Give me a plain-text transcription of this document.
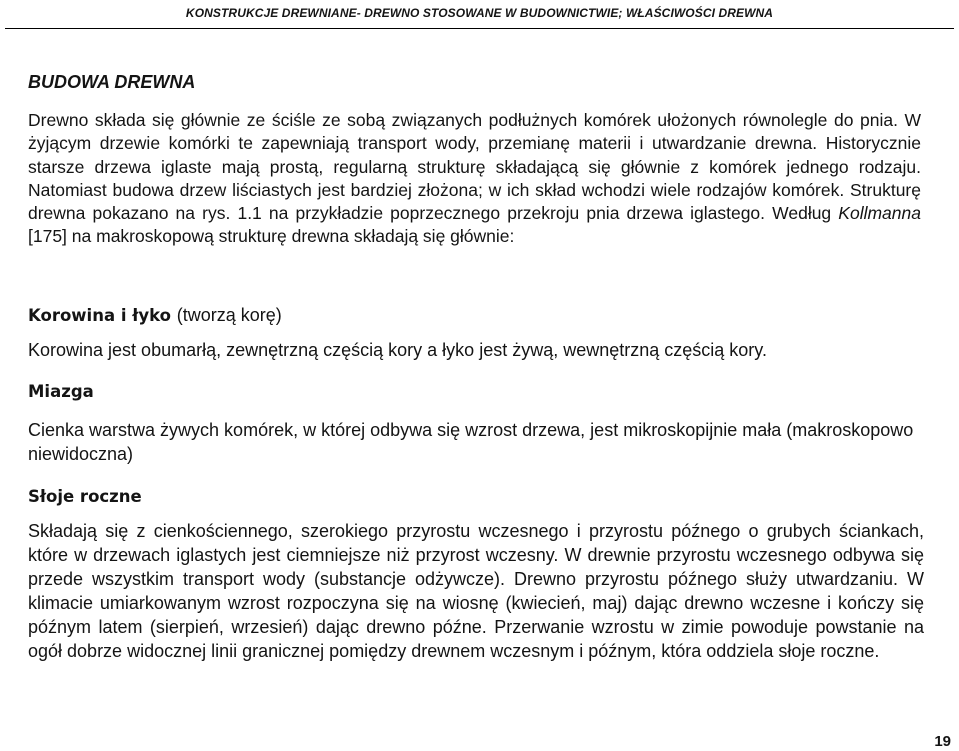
KONSTRUKCJE DREWNIANE- DREWNO STOSOWANE W BUDOWNICTWIE; WŁAŚCIWOŚCI DREWNA
BUDOWA DREWNA

Drewno składa się głównie ze ściśle ze sobą związanych podłużnych komórek ułożonych równolegle do pnia. W żyjącym drzewie komórki te zapewniają transport wody, przemianę materii i utwardzanie drewna. Historycznie starsze drzewa iglaste mają prostą, regularną strukturę składającą się głównie z komórek jednego rodzaju. Natomiast budowa drzew liściastych jest bardziej złożona; w ich skład wchodzi wiele rodzajów komórek. Strukturę drewna pokazano na rys. 1.1 na przykładzie poprzecznego przekroju pnia drzewa iglastego. Według Kollmanna [175] na makroskopową strukturę drewna składają się głównie:

Korowina i łyko (tworzą korę)

Korowina jest obumarłą, zewnętrzną częścią kory a łyko jest żywą, wewnętrzną częścią kory.

Miazga

Cienka warstwa żywych komórek, w której odbywa się wzrost drzewa, jest mikroskopijnie mała (makroskopowo niewidoczna)

Słoje roczne

Składają się z cienkościennego, szerokiego przyrostu wczesnego i przyrostu późnego o grubych ściankach, które w drzewach iglastych jest ciemniejsze niż przyrost wczesny. W drewnie przyrostu wczesnego odbywa się przede wszystkim transport wody (substancje odżywcze). Drewno przyrostu późnego służy utwardzaniu. W klimacie umiarkowanym wzrost rozpoczyna się na wiosnę (kwiecień, maj) dając drewno wczesne i kończy się późnym latem (sierpień, wrzesień) dając drewno późne. Przerwanie wzrostu w zimie powoduje powstanie na ogół dobrze widocznej linii granicznej pomiędzy drewnem wczesnym i późnym, która oddziela słoje roczne.

19
